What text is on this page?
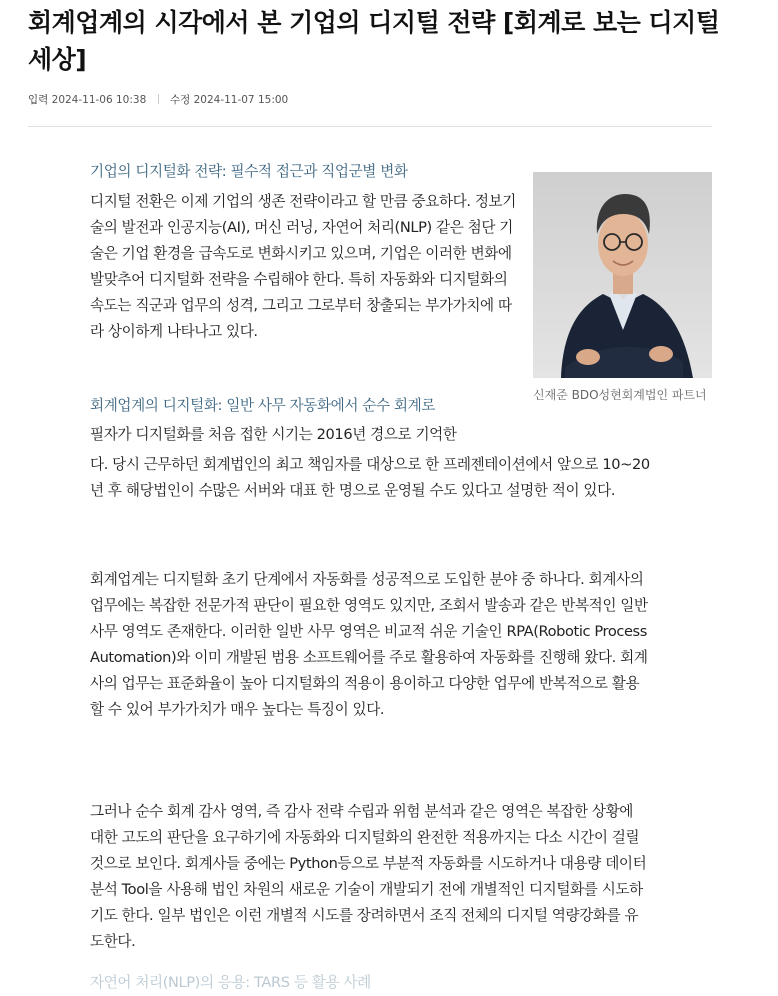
회계업계의 시각에서 본 기업의 디지털 전략 [회계로 보는 디지털 세상]
입력 2024-11-06 10:38 수정 2024-11-07 15:00
신재준 BDO성현회계법인 파트너
기업의 디지털화 전략: 필수적 접근과 직업군별 변화
디지털 전환은 이제 기업의 생존 전략이라고 할 만큼 중요하다. 정보기술의 발전과 인공지능(AI), 머신 러닝, 자연어 처리(NLP) 같은 첨단 기술은 기업 환경을 급속도로 변화시키고 있으며, 기업은 이러한 변화에 발맞추어 디지털화 전략을 수립해야 한다. 특히 자동화와 디지털화의 속도는 직군과 업무의 성격, 그리고 그로부터 창출되는 부가가치에 따라 상이하게 나타나고 있다.
회계업계의 디지털화: 일반 사무 자동화에서 순수 회계로
필자가 디지털화를 처음 접한 시기는 2016년 경으로 기억한
다. 당시 근무하던 회계법인의 최고 책임자를 대상으로 한 프레젠테이션에서 앞으로 10~20년 후 해당법인이 수많은 서버와 대표 한 명으로 운영될 수도 있다고 설명한 적이 있다.
회계업계는 디지털화 초기 단계에서 자동화를 성공적으로 도입한 분야 중 하나다. 회계사의 업무에는 복잡한 전문가적 판단이 필요한 영역도 있지만, 조회서 발송과 같은 반복적인 일반 사무 영역도 존재한다. 이러한 일반 사무 영역은 비교적 쉬운 기술인 RPA(Robotic Process Automation)와 이미 개발된 범용 소프트웨어를 주로 활용하여 자동화를 진행해 왔다. 회계사의 업무는 표준화율이 높아 디지털화의 적용이 용이하고 다양한 업무에 반복적으로 활용할 수 있어 부가가치가 매우 높다는 특징이 있다.
그러나 순수 회계 감사 영역, 즉 감사 전략 수립과 위험 분석과 같은 영역은 복잡한 상황에 대한 고도의 판단을 요구하기에 자동화와 디지털화의 완전한 적용까지는 다소 시간이 걸릴 것으로 보인다. 회계사들 중에는 Python등으로 부분적 자동화를 시도하거나 대용량 데이터 분석 Tool을 사용해 법인 차원의 새로운 기술이 개발되기 전에 개별적인 디지털화를 시도하기도 한다. 일부 법인은 이런 개별적 시도를 장려하면서 조직 전체의 디지털 역량강화를 유도한다.
자연어 처리(NLP)의 응용: TARS 등 활용 사례
